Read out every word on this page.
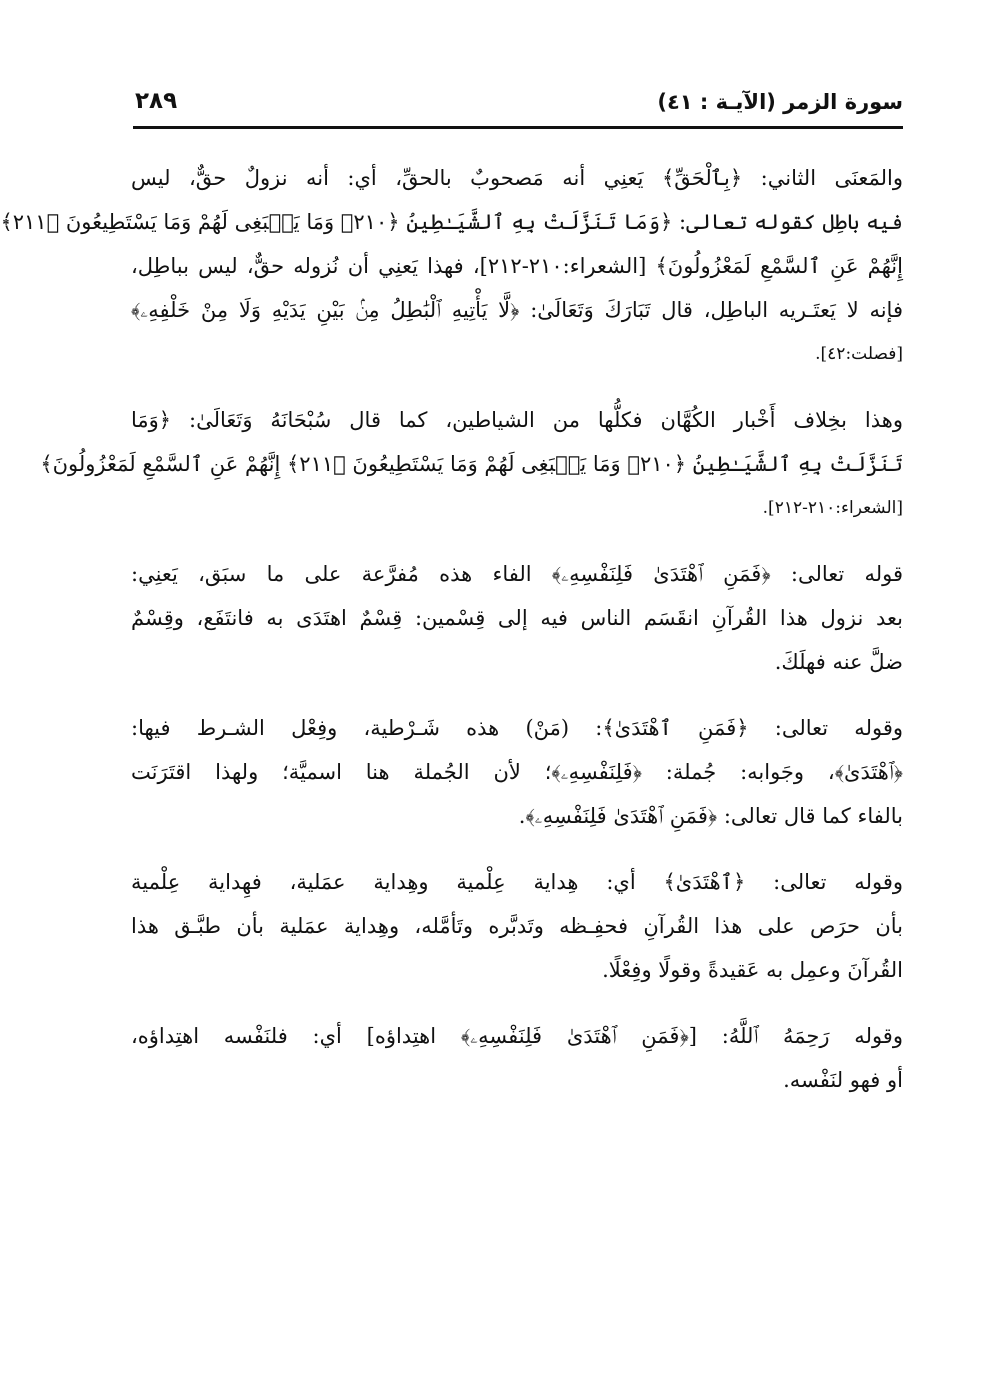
سورة الزمر (الآيـة : ٤١)
٢٨٩
والمَعنَى الثاني: ﴿بِٱلْحَقِّ﴾ يَعنِي أنه مَصحوبٌ بالحقِّ، أي: أنه نزولٌ حقٌّ، ليس
فيه باطِل كقوله تعالى: ﴿وَمَا تَنَزَّلَتْ بِهِ ٱلشَّيَـٰطِينُ ﴿٢١٠﴾ وَمَا يَنۢبَغِى لَهُمْ وَمَا يَسْتَطِيعُونَ ﴿٢١١﴾
إِنَّهُمْ عَنِ ٱلسَّمْعِ لَمَعْزُولُونَ﴾ [الشعراء:٢١٠-٢١٢]، فهذا يَعنِي أن نُزوله حقٌّ، ليس بباطِل،
فإنه لا يَعتَـريه الباطِل، قال تَبَارَكَ وَتَعَالَىٰ: ﴿لَّا يَأْتِيهِ ٱلْبَٰطِلُ مِنۢ بَيْنِ يَدَيْهِ وَلَا مِنْ خَلْفِهِۦ﴾
[فصلت:٤٢].
وهذا بخِلاف أَخْبار الكُهَّان فكلُّها من الشياطين، كما قال سُبْحَانَهُ وَتَعَالَىٰ: ﴿وَمَا
تَنَزَّلَتْ بِهِ ٱلشَّيَـٰطِينُ ﴿٢١٠﴾ وَمَا يَنۢبَغِى لَهُمْ وَمَا يَسْتَطِيعُونَ ﴿٢١١﴾ إِنَّهُمْ عَنِ ٱلسَّمْعِ لَمَعْزُولُونَ﴾
[الشعراء:٢١٠-٢١٢].
قوله تعالى: ﴿فَمَنِ ٱهْتَدَىٰ فَلِنَفْسِهِۦ﴾ الفاء هذه مُفرَّعة على ما سبَق، يَعنِي:
بعد نزول هذا القُرآنِ انقَسَم الناس فيه إلى قِسْمين: قِسْمٌ اهتَدَى به فانتَفَع، وقِسْمٌ
ضلَّ عنه فهلَكَ.
وقوله تعالى: ﴿فَمَنِ ٱهْتَدَىٰ﴾: (مَنْ) هذه شَـرْطية، وفِعْل الشـرط فيها:
﴿ٱهْتَدَىٰ﴾، وجَوابه: جُملة: ﴿فَلِنَفْسِهِۦ﴾؛ لأن الجُملة هنا اسميَّة؛ ولهذا اقتَرَنَت
بالفاء كما قال تعالى: ﴿فَمَنِ ٱهْتَدَىٰ فَلِنَفْسِهِۦ﴾.
وقوله تعالى: ﴿ٱهْتَدَىٰ﴾ أي: هِداية عِلْمية وهِداية عمَلية، فهِداية عِلْمية
بأن حرَص على هذا القُرآنِ فحفِـظه وتَدبَّره وتَأمَّله، وهِداية عمَلية بأن طبَّـق هذا
القُرآنَ وعمِل به عَقيدةً وقولًا وفِعْلًا.
وقوله رَحِمَهُ ٱللَّهُ: [﴿فَمَنِ ٱهْتَدَىٰ فَلِنَفْسِهِۦ﴾ اهتِداؤه] أي: فلنَفْسه اهتِداؤه،
أو فهو لنَفْسه.
